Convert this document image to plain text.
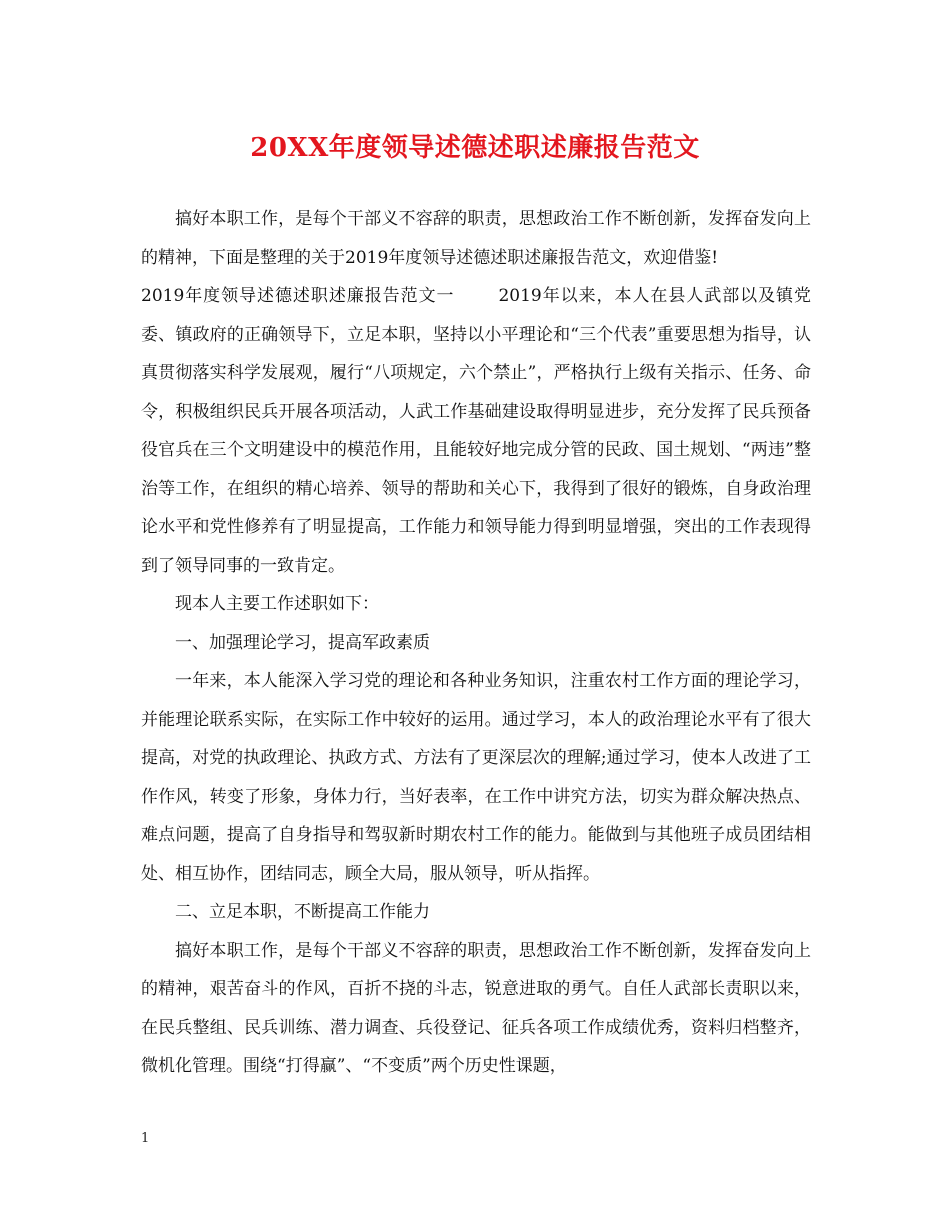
20XX年度领导述德述职述廉报告范文

搞好本职工作，是每个干部义不容辞的职责，思想政治工作不断创新，发挥奋发向上的精神，下面是整理的关于2019年度领导述德述职述廉报告范文，欢迎借鉴!

2019年度领导述德述职述廉报告范文一	2019年以来，本人在县人武部以及镇党委、镇政府的正确领导下，立足本职，坚持以小平理论和“三个代表”重要思想为指导，认真贯彻落实科学发展观，履行“八项规定，六个禁止”，严格执行上级有关指示、任务、命令，积极组织民兵开展各项活动，人武工作基础建设取得明显进步，充分发挥了民兵预备役官兵在三个文明建设中的模范作用，且能较好地完成分管的民政、国土规划、“两违”整治等工作，在组织的精心培养、领导的帮助和关心下，我得到了很好的锻炼，自身政治理论水平和党性修养有了明显提高，工作能力和领导能力得到明显增强，突出的工作表现得到了领导同事的一致肯定。

现本人主要工作述职如下：

一、加强理论学习，提高军政素质

一年来，本人能深入学习党的理论和各种业务知识，注重农村工作方面的理论学习，并能理论联系实际，在实际工作中较好的运用。通过学习，本人的政治理论水平有了很大提高，对党的执政理论、执政方式、方法有了更深层次的理解;通过学习，使本人改进了工作作风，转变了形象，身体力行，当好表率，在工作中讲究方法，切实为群众解决热点、难点问题，提高了自身指导和驾驭新时期农村工作的能力。能做到与其他班子成员团结相处、相互协作，团结同志，顾全大局，服从领导，听从指挥。

二、立足本职，不断提高工作能力

搞好本职工作，是每个干部义不容辞的职责，思想政治工作不断创新，发挥奋发向上的精神，艰苦奋斗的作风，百折不挠的斗志，锐意进取的勇气。自任人武部长责职以来，在民兵整组、民兵训练、潜力调查、兵役登记、征兵各项工作成绩优秀，资料归档整齐，微机化管理。围绕“打得赢”、“不变质”两个历史性课题，

1
